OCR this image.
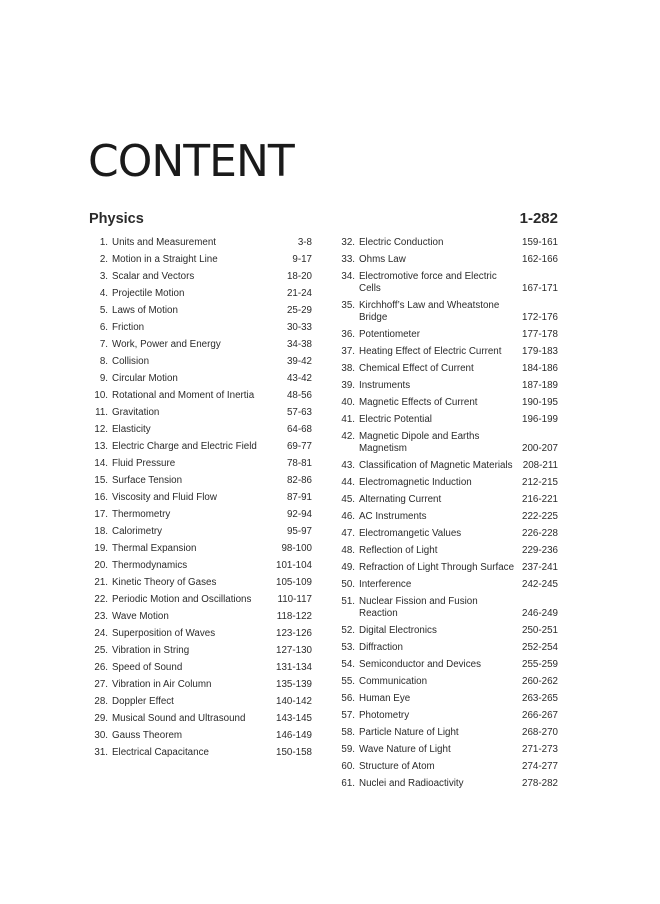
CONTENT
Physics	1-282
1. Units and Measurement	3-8
2. Motion in a Straight Line	9-17
3. Scalar and Vectors	18-20
4. Projectile Motion	21-24
5. Laws of Motion	25-29
6. Friction	30-33
7. Work, Power and Energy	34-38
8. Collision	39-42
9. Circular Motion	43-42
10. Rotational and Moment of Inertia	48-56
11. Gravitation	57-63
12. Elasticity	64-68
13. Electric Charge and Electric Field	69-77
14. Fluid Pressure	78-81
15. Surface Tension	82-86
16. Viscosity and Fluid Flow	87-91
17. Thermometry	92-94
18. Calorimetry	95-97
19. Thermal Expansion	98-100
20. Thermodynamics	101-104
21. Kinetic Theory of Gases	105-109
22. Periodic Motion and Oscillations	110-117
23. Wave Motion	118-122
24. Superposition of Waves	123-126
25. Vibration in String	127-130
26. Speed of Sound	131-134
27. Vibration in Air Column	135-139
28. Doppler Effect	140-142
29. Musical Sound and Ultrasound	143-145
30. Gauss Theorem	146-149
31. Electrical Capacitance	150-158
32. Electric Conduction	159-161
33. Ohms Law	162-166
34. Electromotive force and Electric Cells	167-171
35. Kirchhoff’s Law and Wheatstone Bridge	172-176
36. Potentiometer	177-178
37. Heating Effect of Electric Current	179-183
38. Chemical Effect of Current	184-186
39. Instruments	187-189
40. Magnetic Effects of Current	190-195
41. Electric Potential	196-199
42. Magnetic Dipole and Earths Magnetism	200-207
43. Classification of Magnetic Materials	208-211
44. Electromagnetic Induction	212-215
45. Alternating Current	216-221
46. AC Instruments	222-225
47. Electromangetic Values	226-228
48. Reflection of Light	229-236
49. Refraction of Light Through Surface 237-241
50. Interference	242-245
51. Nuclear Fission and Fusion Reaction	246-249
52. Digital Electronics	250-251
53. Diffraction	252-254
54. Semiconductor and Devices	255-259
55. Communication	260-262
56. Human Eye	263-265
57. Photometry	266-267
58. Particle Nature of Light	268-270
59. Wave Nature of Light	271-273
60. Structure of Atom	274-277
61. Nuclei and Radioactivity	278-282
